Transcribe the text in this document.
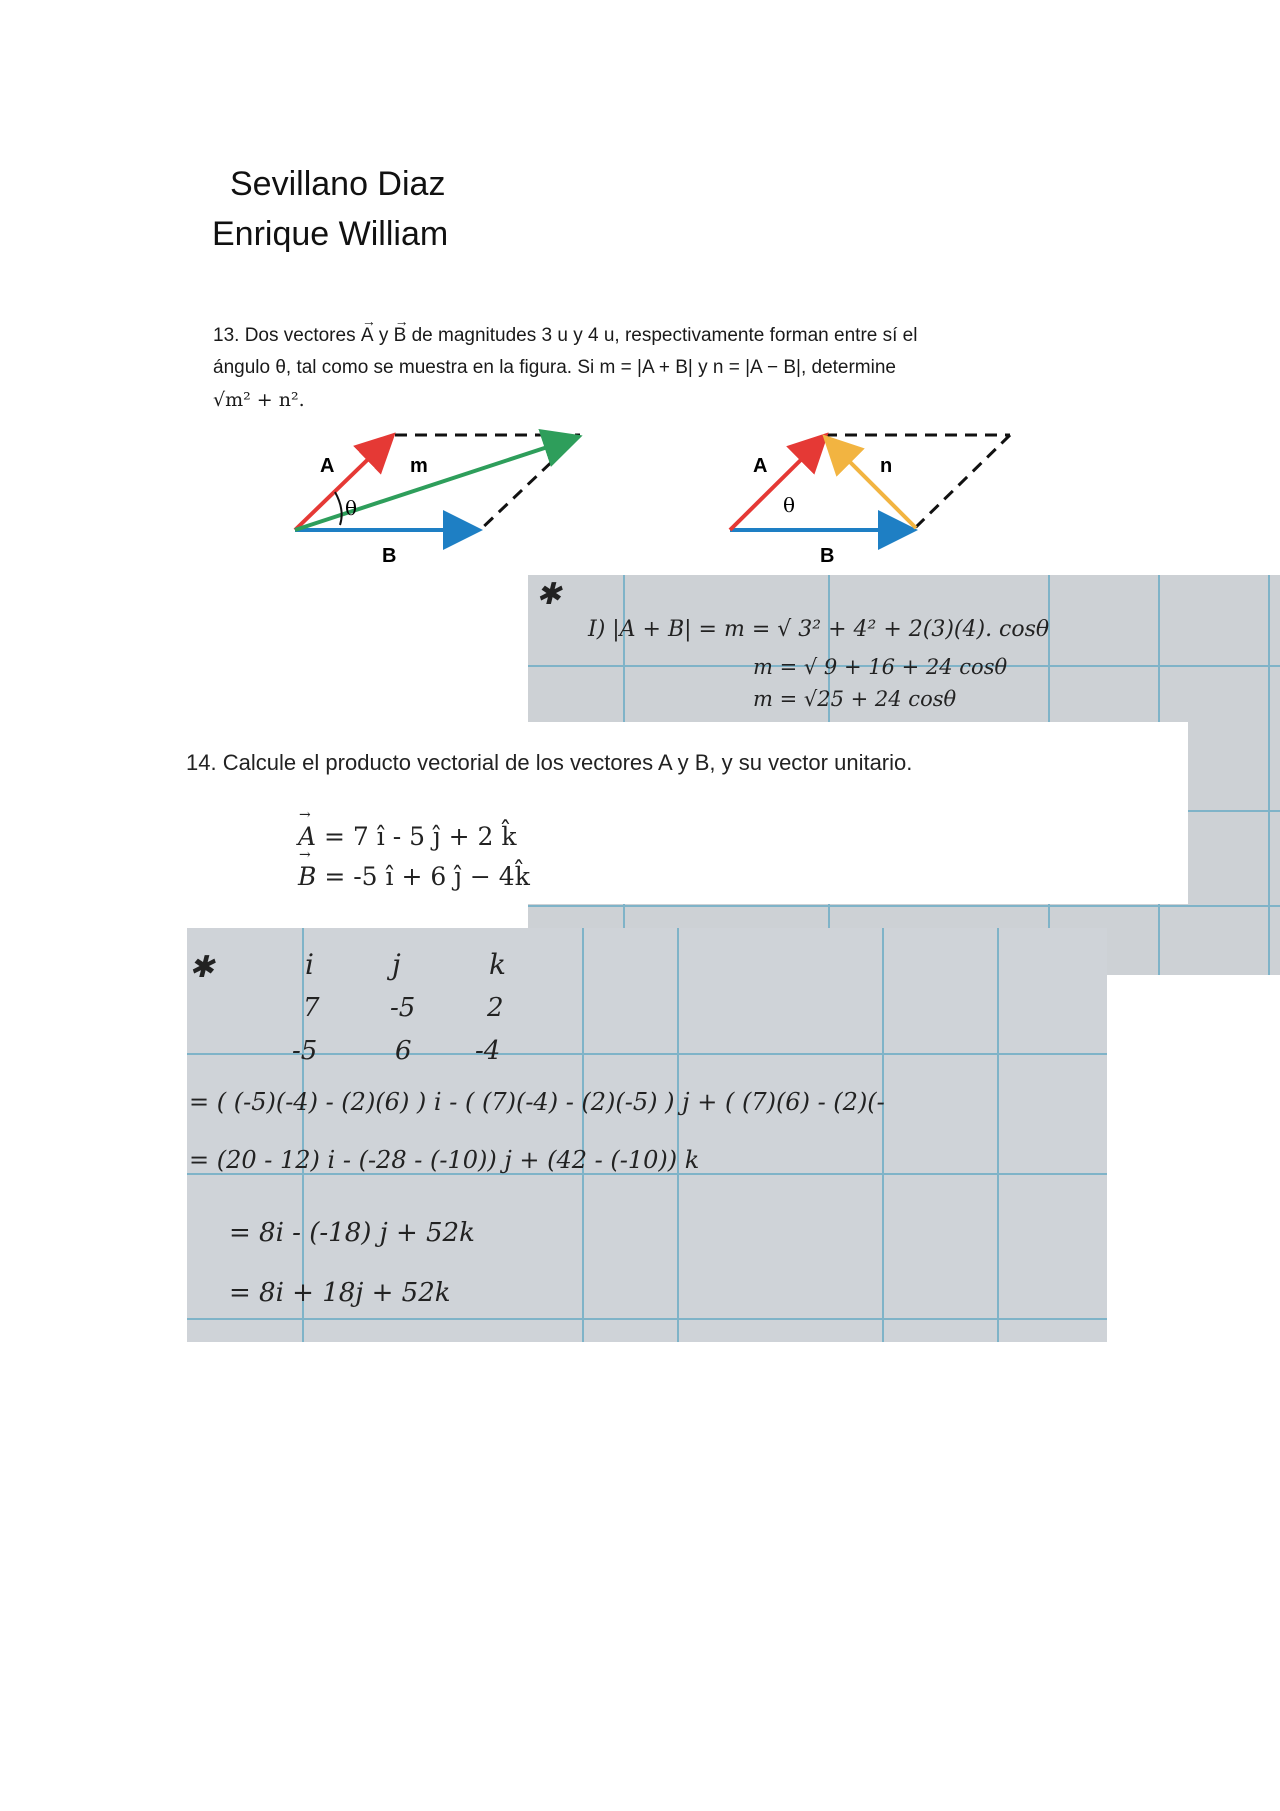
Sevillano Diaz
Enrique William
13. Dos vectores → A y → B de magnitudes 3 u y 4 u, respectivamente forman entre sí el
ángulo θ, tal como se muestra en la figura. Si m = |A + B| y n = |A − B|, determine
√m² + n².
A	m
θ
B
A	n
θ
B
✱
I) |A + B| = m = √ 3² + 4² + 2(3)(4). cosθ
m = √ 9 + 16 + 24 cosθ
m = √25 + 24 cosθ
14. Calcule el producto vectorial de los vectores A y B, y su vector unitario.
→ A = 7 î - 5 ĵ + 2 k̂
→ B = -5 î + 6 ĵ − 4k̂
✱	i	j	k
7	-5	2
-5	6 -4
= ( (-5)(-4) - (2)(6) ) i - ( (7)(-4) - (2)(-5) ) j + ( (7)(6) - (2)(-
= (20 - 12) i - (-28 - (-10)) j + (42 - (-10)) k
= 8i - (-18) j + 52k
= 8i + 18j + 52k
